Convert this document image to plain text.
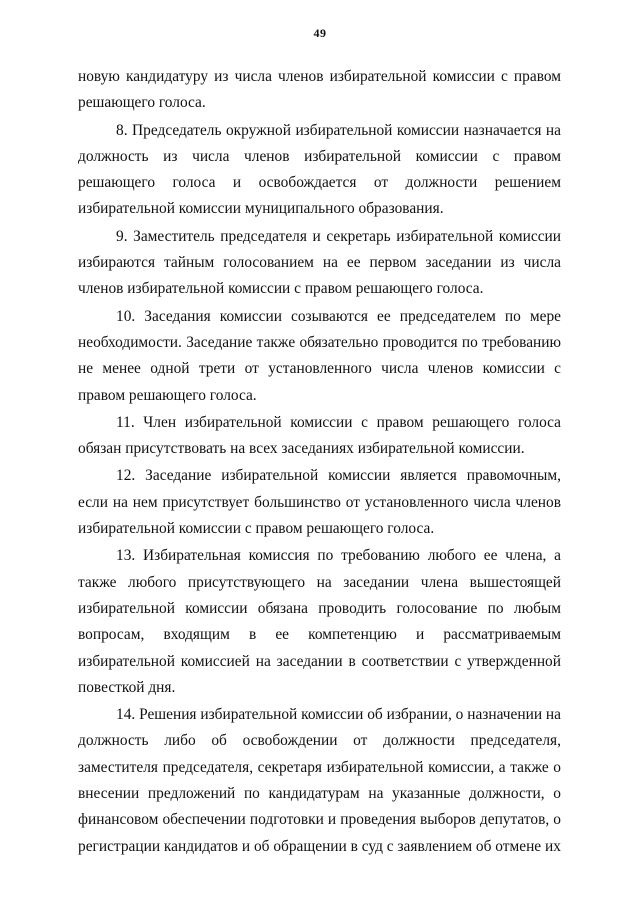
49

новую кандидатуру из числа членов избирательной комиссии с правом решающего голоса.

8. Председатель окружной избирательной комиссии назначается на должность из числа членов избирательной комиссии с правом решающего голоса и освобождается от должности решением избирательной комиссии муниципального образования.

9. Заместитель председателя и секретарь избирательной комиссии избираются тайным голосованием на ее первом заседании из числа членов избирательной комиссии с правом решающего голоса.

10. Заседания комиссии созываются ее председателем по мере необходимости. Заседание также обязательно проводится по требованию не менее одной трети от установленного числа членов комиссии с правом решающего голоса.

11. Член избирательной комиссии с правом решающего голоса обязан присутствовать на всех заседаниях избирательной комиссии.

12. Заседание избирательной комиссии является правомочным, если на нем присутствует большинство от установленного числа членов избирательной комиссии с правом решающего голоса.

13. Избирательная комиссия по требованию любого ее члена, а также любого присутствующего на заседании члена вышестоящей избирательной комиссии обязана проводить голосование по любым вопросам, входящим в ее компетенцию и рассматриваемым избирательной комиссией на заседании в соответствии с утвержденной повесткой дня.

14. Решения избирательной комиссии об избрании, о назначении на должность либо об освобождении от должности председателя, заместителя председателя, секретаря избирательной комиссии, а также о внесении предложений по кандидатурам на указанные должности, о финансовом обеспечении подготовки и проведения выборов депутатов, о регистрации кандидатов и об обращении в суд с заявлением об отмене их
